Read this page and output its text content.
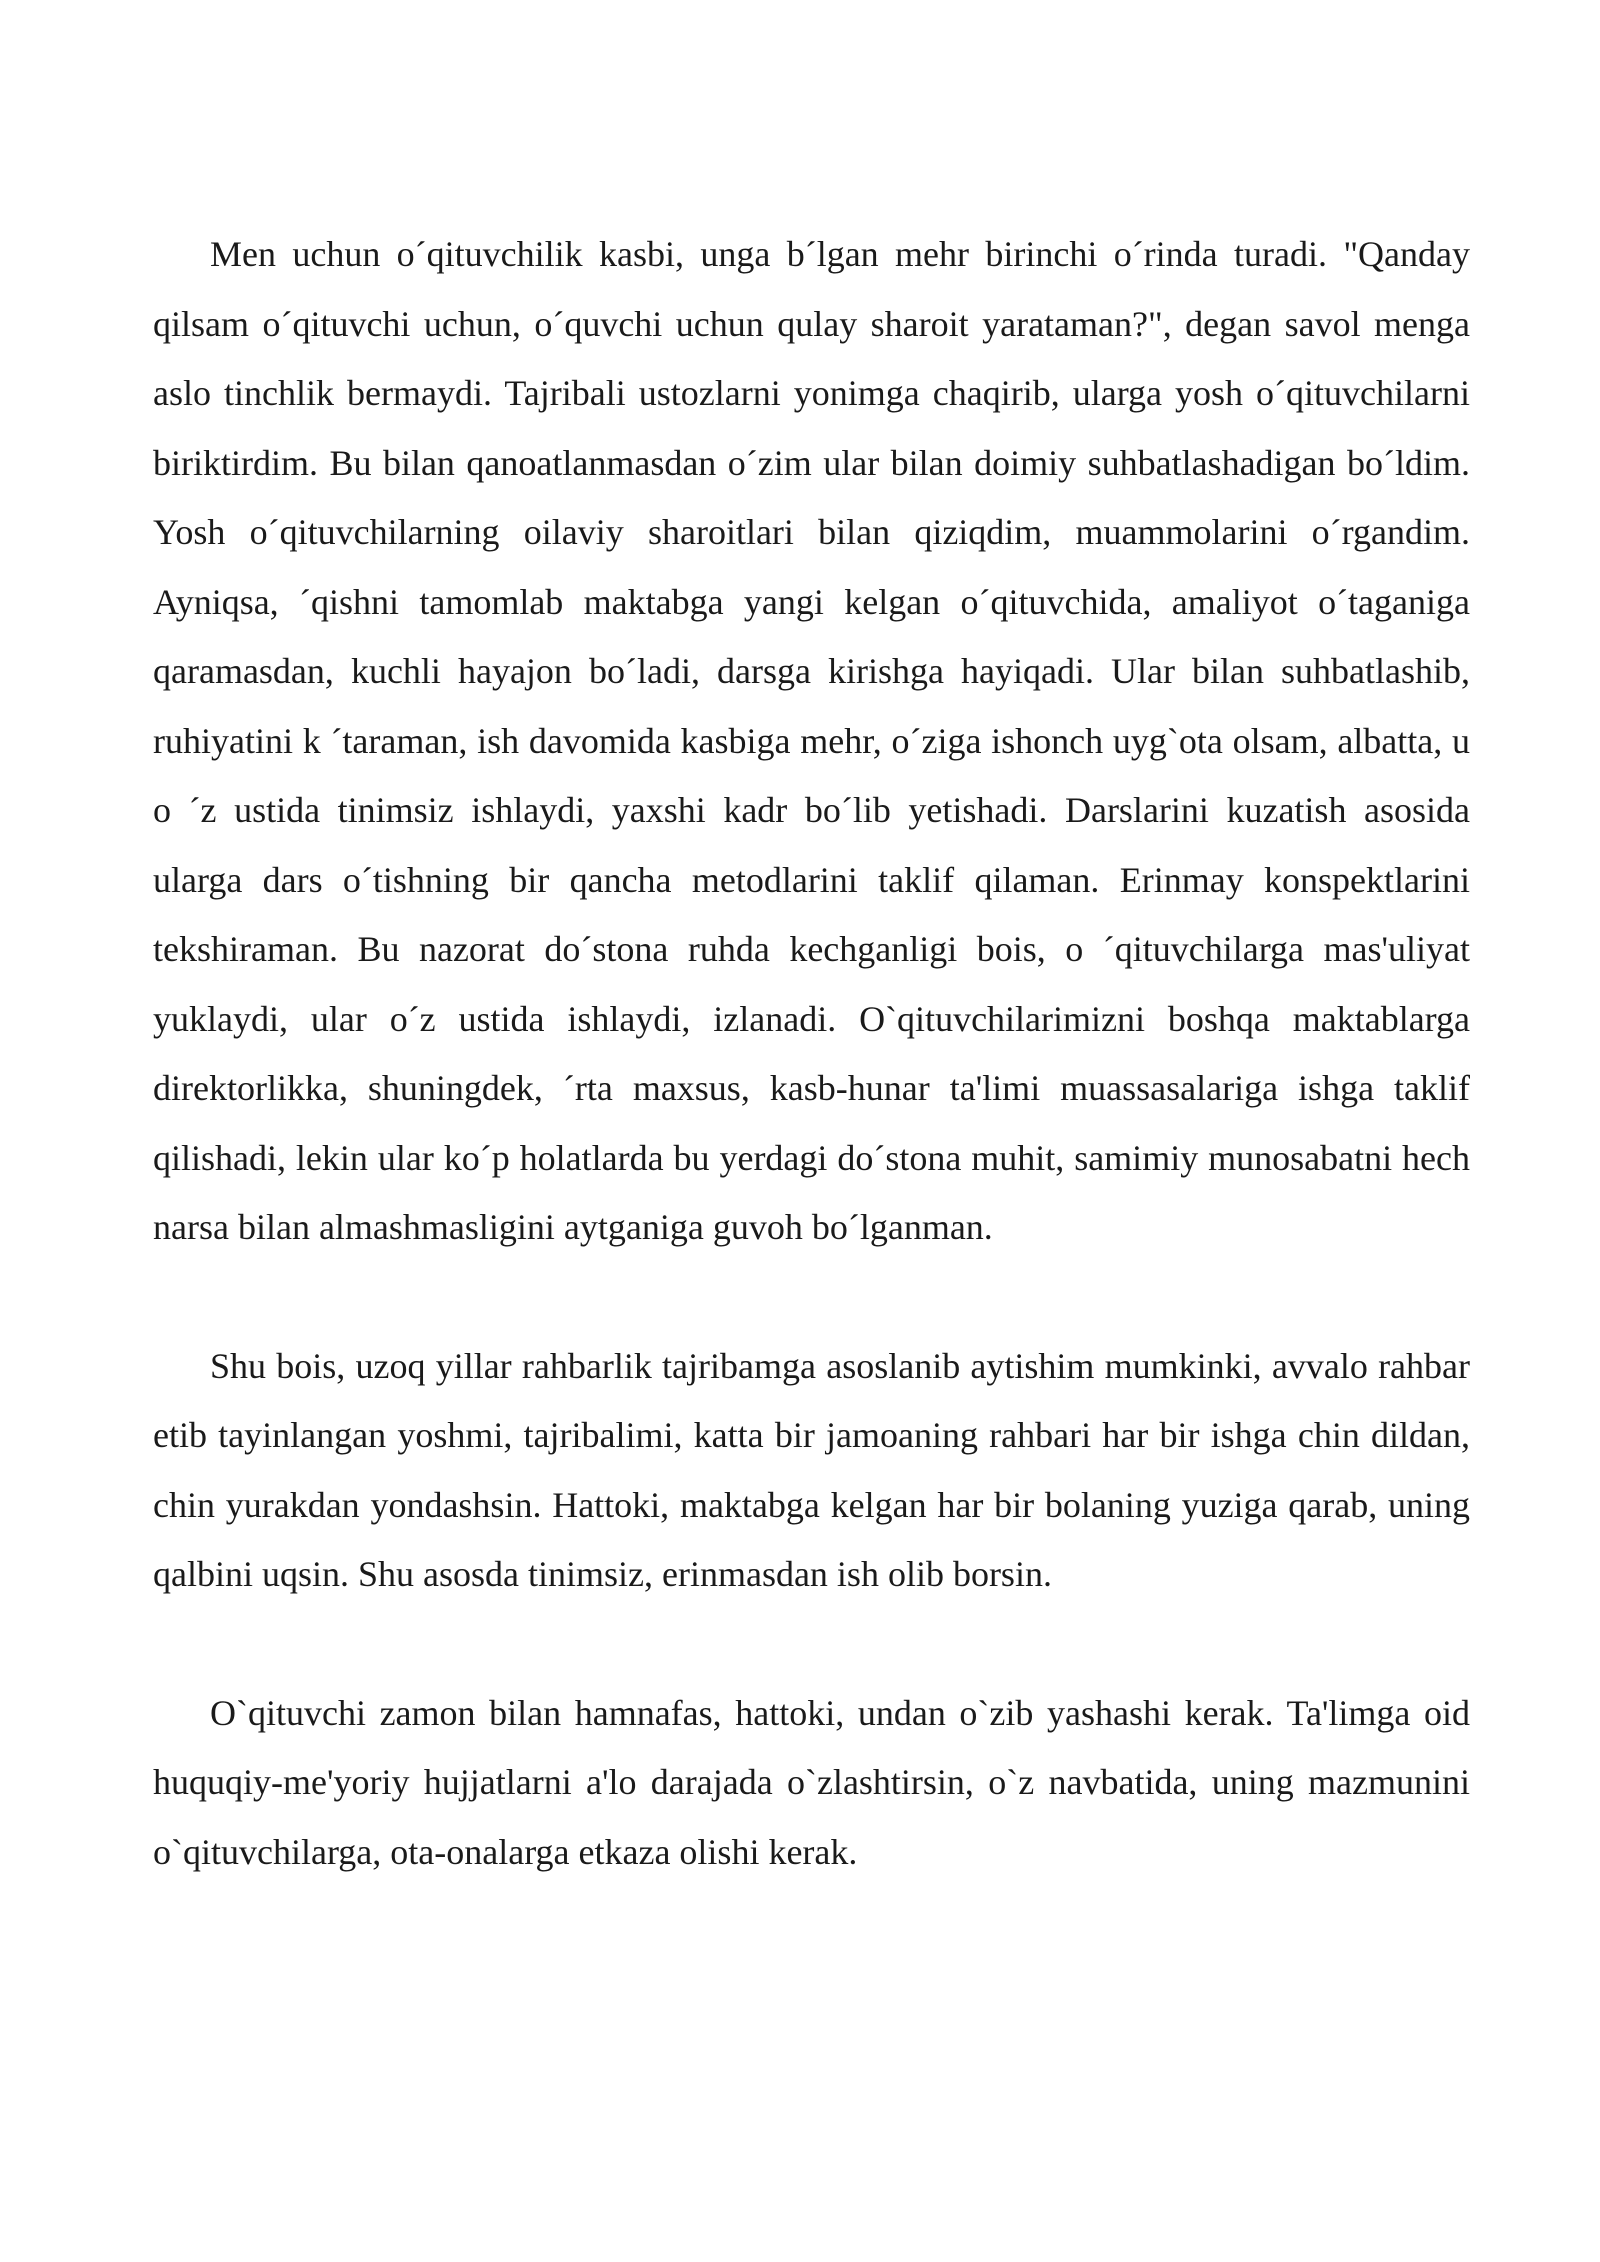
Men uchun o´qituvchilik kasbi, unga b´lgan mehr birinchi o´rinda turadi. "Qanday qilsam o´qituvchi uchun, o´quvchi uchun qulay sharoit yarataman?", degan savol menga aslo tinchlik bermaydi. Tajribali ustozlarni yonimga chaqirib, ularga yosh o´qituvchilarni biriktirdim. Bu bilan qanoatlanmasdan o´zim ular bilan doimiy suhbatlashadigan bo´ldim. Yosh o´qituvchilarning oilaviy sharoitlari bilan qiziqdim, muammolarini o´rgandim. Ayniqsa, ´qishni tamomlab maktabga yangi kelgan o´qituvchida, amaliyot o´taganiga qaramasdan, kuchli hayajon bo´ladi, darsga kirishga hayiqadi. Ular bilan suhbatlashib, ruhiyatini k ´taraman, ish davomida kasbiga mehr, o´ziga ishonch uyg`ota olsam, albatta, u o ´z ustida tinimsiz ishlaydi, yaxshi kadr bo´lib yetishadi. Darslarini kuzatish asosida ularga dars o´tishning bir qancha metodlarini taklif qilaman. Erinmay konspektlarini tekshiraman. Bu nazorat do´stona ruhda kechganligi bois, o ´qituvchilarga mas'uliyat yuklaydi, ular o´z ustida ishlaydi, izlanadi. O`qituvchilarimizni boshqa maktablarga direktorlikka, shuningdek, ´rta maxsus, kasb-hunar ta'limi muassasalariga ishga taklif qilishadi, lekin ular ko´p holatlarda bu yerdagi do´stona muhit, samimiy munosabatni hech narsa bilan almashmasligini aytganiga guvoh bo´lganman.

Shu bois, uzoq yillar rahbarlik tajribamga asoslanib aytishim mumkinki, avvalo rahbar etib tayinlangan yoshmi, tajribalimi, katta bir jamoaning rahbari har bir ishga chin dildan, chin yurakdan yondashsin. Hattoki, maktabga kelgan har bir bolaning yuziga qarab, uning qalbini uqsin. Shu asosda tinimsiz, erinmasdan ish olib borsin.

O`qituvchi zamon bilan hamnafas, hattoki, undan o`zib yashashi kerak. Ta'limga oid huquqiy-me'yoriy hujjatlarni a'lo darajada o`zlashtirsin, o`z navbatida, uning mazmunini o`qituvchilarga, ota-onalarga etkaza olishi kerak.
